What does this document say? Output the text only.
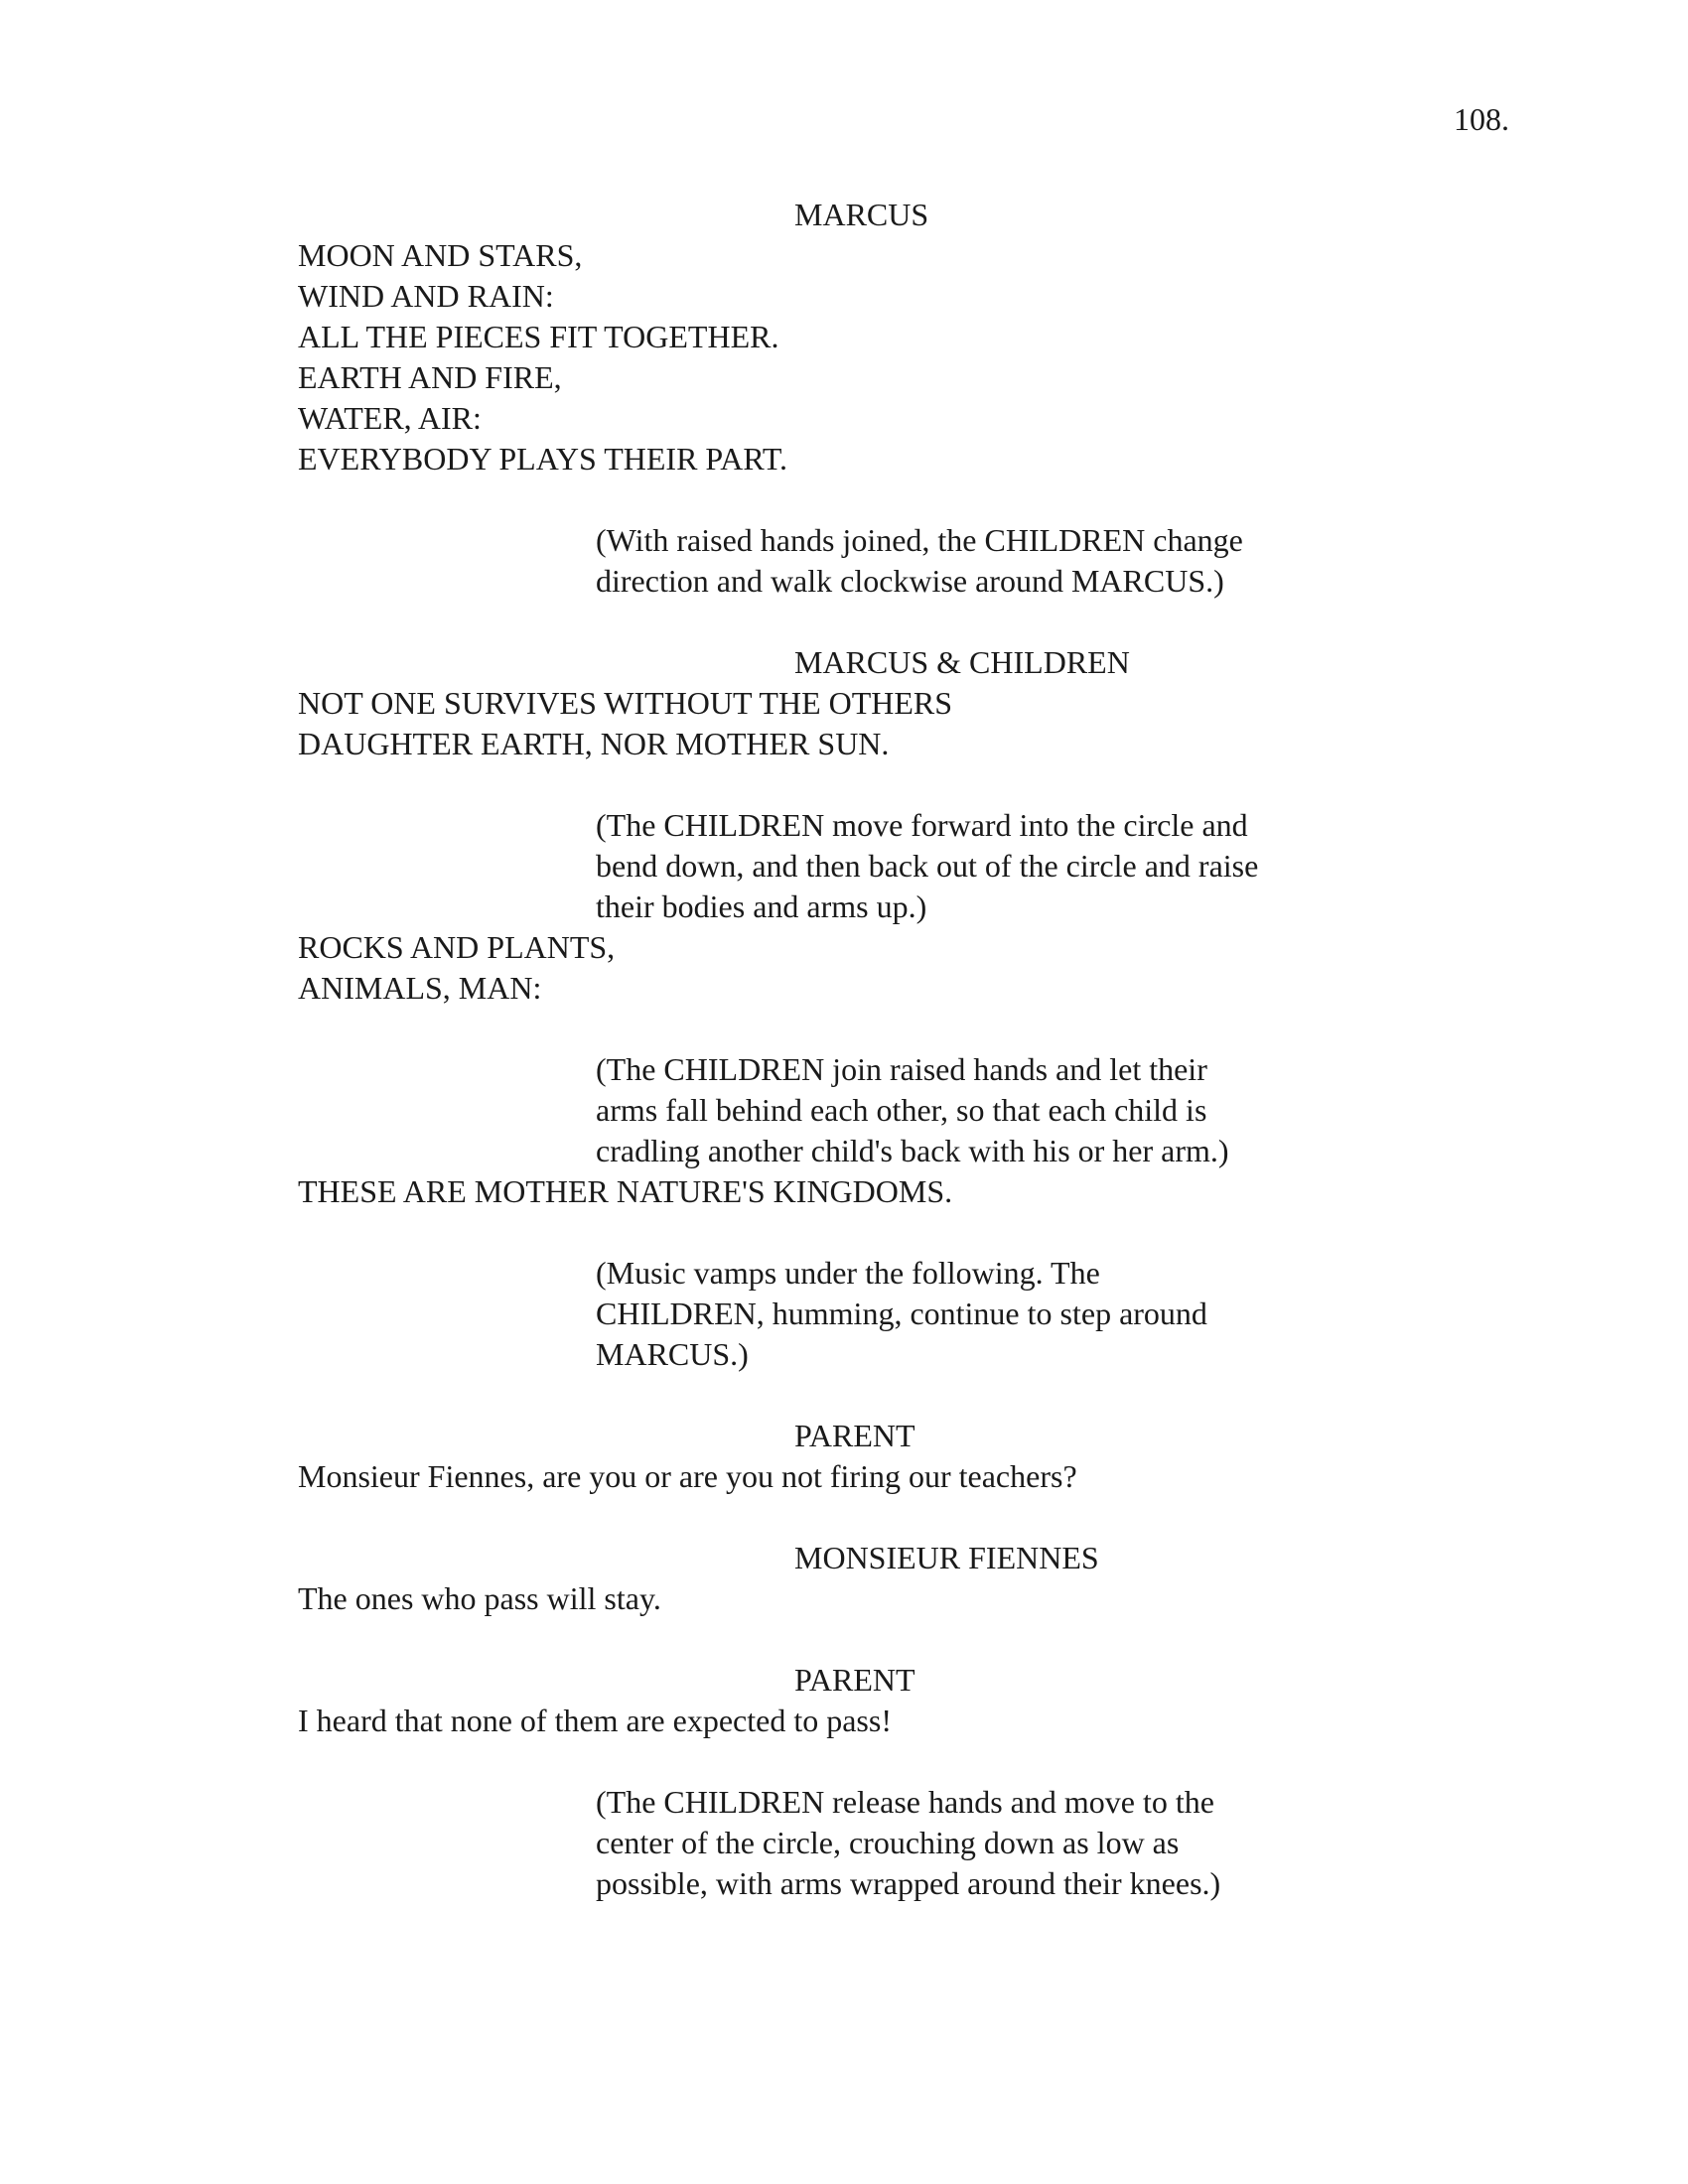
108.
MARCUS
MOON AND STARS,
WIND AND RAIN:
ALL THE PIECES FIT TOGETHER.
EARTH AND FIRE,
WATER, AIR:
EVERYBODY PLAYS THEIR PART.
(With raised hands joined, the CHILDREN change
direction and walk clockwise around MARCUS.)
MARCUS & CHILDREN
NOT ONE SURVIVES WITHOUT THE OTHERS
DAUGHTER EARTH, NOR MOTHER SUN.
(The CHILDREN move forward into the circle and
bend down, and then back out of the circle and raise
their bodies and arms up.)
ROCKS AND PLANTS,
ANIMALS, MAN:
(The CHILDREN join raised hands and let their
arms fall behind each other, so that each child is
cradling another child's back with his or her arm.)
THESE ARE MOTHER NATURE'S KINGDOMS.
(Music vamps under the following. The
CHILDREN, humming, continue to step around
MARCUS.)
PARENT
Monsieur Fiennes, are you or are you not firing our teachers?
MONSIEUR FIENNES
The ones who pass will stay.
PARENT
I heard that none of them are expected to pass!
(The CHILDREN release hands and move to the
center of the circle, crouching down as low as
possible, with arms wrapped around their knees.)
